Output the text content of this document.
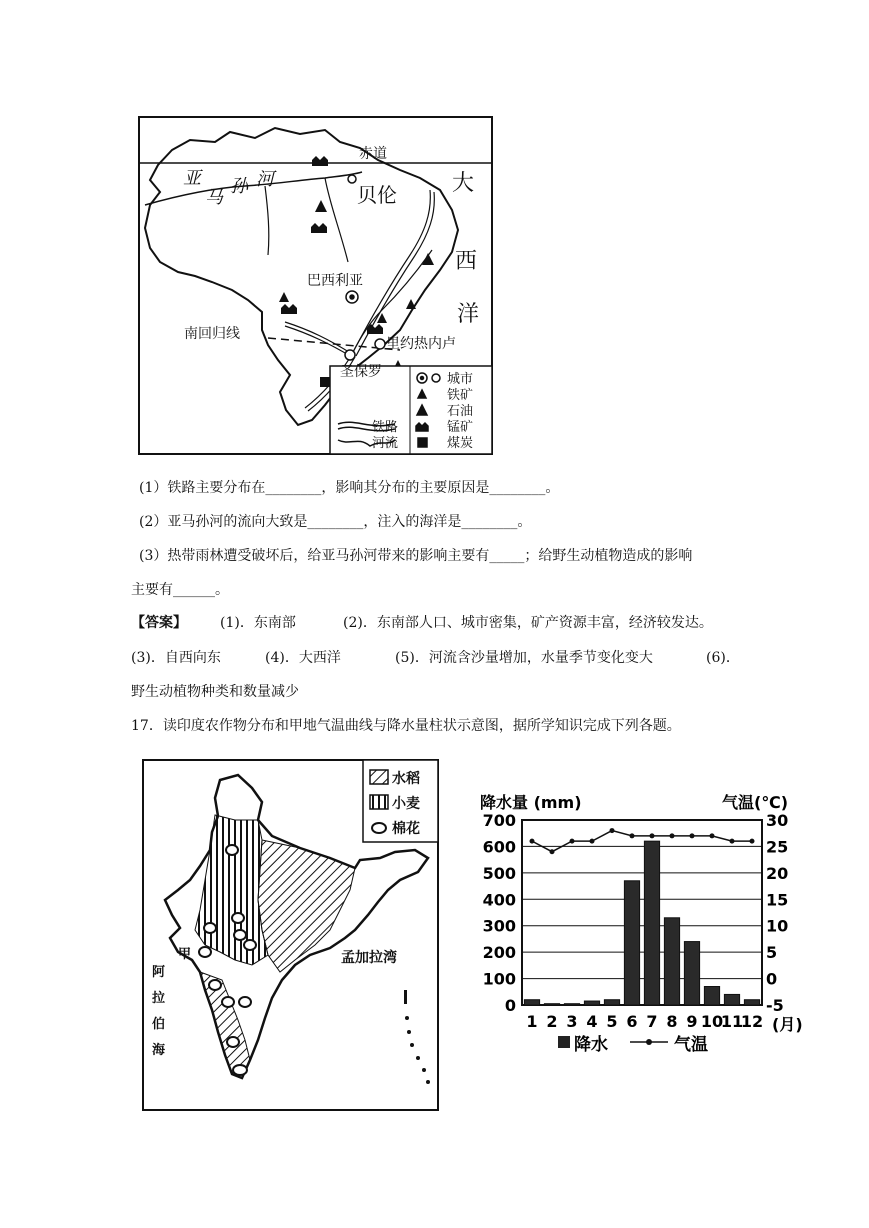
赤道
亚
马
孙 河
贝伦	大
西
洋
巴西利亚
南回归线
里约热内卢
圣保罗	城市
铁矿
石油
锰矿
煤炭
铁路
河流
(1）铁路主要分布在________，影响其分布的主要原因是________。
(2）亚马孙河的流向大致是________，注入的海洋是________。
(3）热带雨林遭受破坏后，给亚马孙河带来的影响主要有_____；给野生动植物造成的影响
主要有______。
【答案】 (1)．东南部	(2)．东南部人口、城市密集，矿产资源丰富，经济较发达。
(3)．自西向东	(4)．大西洋	(5)．河流含沙量增加，水量季节变化变大	(6)．
野生动植物种类和数量减少
17．读印度农作物分布和甲地气温曲线与降水量柱状示意图，据所学知识完成下列各题。
水稻
小麦
棉花
甲
阿
拉
伯
海
孟加拉湾
降水量 (mm)	气温(℃)
0
100
200
300
400
500
600
700
-5
0
5
10
15
20
25
30
1 2 3 4 5 6 7 8 9 10
11
12 (月)
降水	气温
